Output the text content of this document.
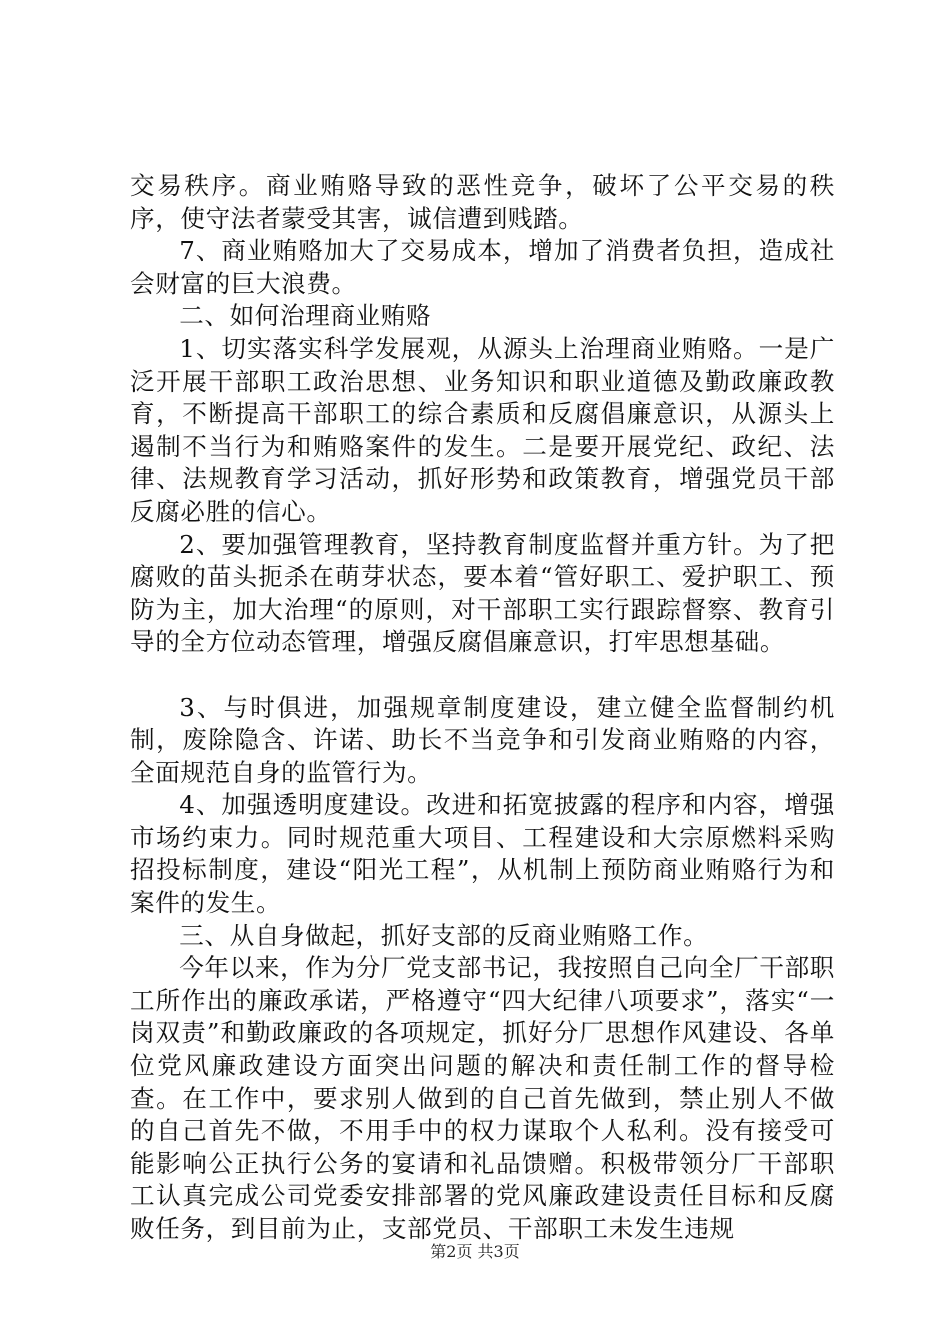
交易秩序。商业贿赂导致的恶性竞争，破坏了公平交易的秩序，使守法者蒙受其害，诚信遭到贱踏。

7、商业贿赂加大了交易成本，增加了消费者负担，造成社会财富的巨大浪费。

二、如何治理商业贿赂

1、切实落实科学发展观，从源头上治理商业贿赂。一是广泛开展干部职工政治思想、业务知识和职业道德及勤政廉政教育，不断提高干部职工的综合素质和反腐倡廉意识，从源头上遏制不当行为和贿赂案件的发生。二是要开展党纪、政纪、法律、法规教育学习活动，抓好形势和政策教育，增强党员干部反腐必胜的信心。

2、要加强管理教育，坚持教育制度监督并重方针。为了把腐败的苗头扼杀在萌芽状态，要本着“管好职工、爱护职工、预防为主，加大治理“的原则，对干部职工实行跟踪督察、教育引导的全方位动态管理，增强反腐倡廉意识，打牢思想基础。

3、与时俱进，加强规章制度建设，建立健全监督制约机制，废除隐含、许诺、助长不当竞争和引发商业贿赂的内容，全面规范自身的监管行为。

4、加强透明度建设。改进和拓宽披露的程序和内容，增强市场约束力。同时规范重大项目、工程建设和大宗原燃料采购招投标制度，建设“阳光工程”，从机制上预防商业贿赂行为和案件的发生。

三、从自身做起，抓好支部的反商业贿赂工作。

今年以来，作为分厂党支部书记，我按照自己向全厂干部职工所作出的廉政承诺，严格遵守“四大纪律八项要求”，落实“一岗双责”和勤政廉政的各项规定，抓好分厂思想作风建设、各单位党风廉政建设方面突出问题的解决和责任制工作的督导检查。在工作中，要求别人做到的自己首先做到，禁止别人不做的自己首先不做，不用手中的权力谋取个人私利。没有接受可能影响公正执行公务的宴请和礼品馈赠。积极带领分厂干部职工认真完成公司党委安排部署的党风廉政建设责任目标和反腐败任务，到目前为止，支部党员、干部职工未发生违规

第2页 共3页
